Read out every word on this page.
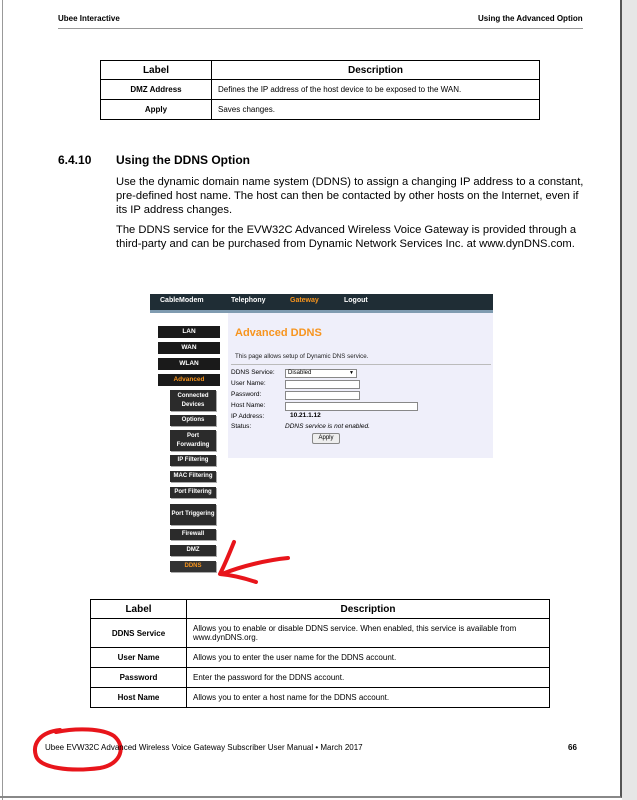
Ubee Interactive	Using the Advanced Option
Label	Description
DMZ Address	Defines the IP address of the host device to be exposed to the WAN.
Apply	Saves changes.
6.4.10 Using the DDNS Option
Use the dynamic domain name system (DDNS) to assign a changing IP address to a constant, pre-defined host name. The host can then be contacted by other hosts on the Internet, even if its IP address changes.
The DDNS service for the EVW32C Advanced Wireless Voice Gateway is provided through a third-party and can be purchased from Dynamic Network Services Inc. at www.dynDNS.com.
CableModem	Telephony	Gateway	Logout
LAN
WAN
WLAN
Advanced
Connected Devices
Options
Port Forwarding
IP Filtering
MAC Filtering
Port Filtering
Port Triggering
Firewall
DMZ
DDNS
Advanced DDNS
This page allows setup of Dynamic DNS service.
DDNS Service:	Disabled	▼
User Name:
Password:
Host Name:
IP Address:	10.21.1.12
Status:	DDNS service is not enabled.
Apply
Label	Description
DDNS Service	Allows you to enable or disable DDNS service. When enabled, this service is available from www.dynDNS.org.
User Name	Allows you to enter the user name for the DDNS account.
Password	Enter the password for the DDNS account.
Host Name	Allows you to enter a host name for the DDNS account.
Ubee EVW32C Advanced Wireless Voice Gateway Subscriber User Manual • March 2017	66
